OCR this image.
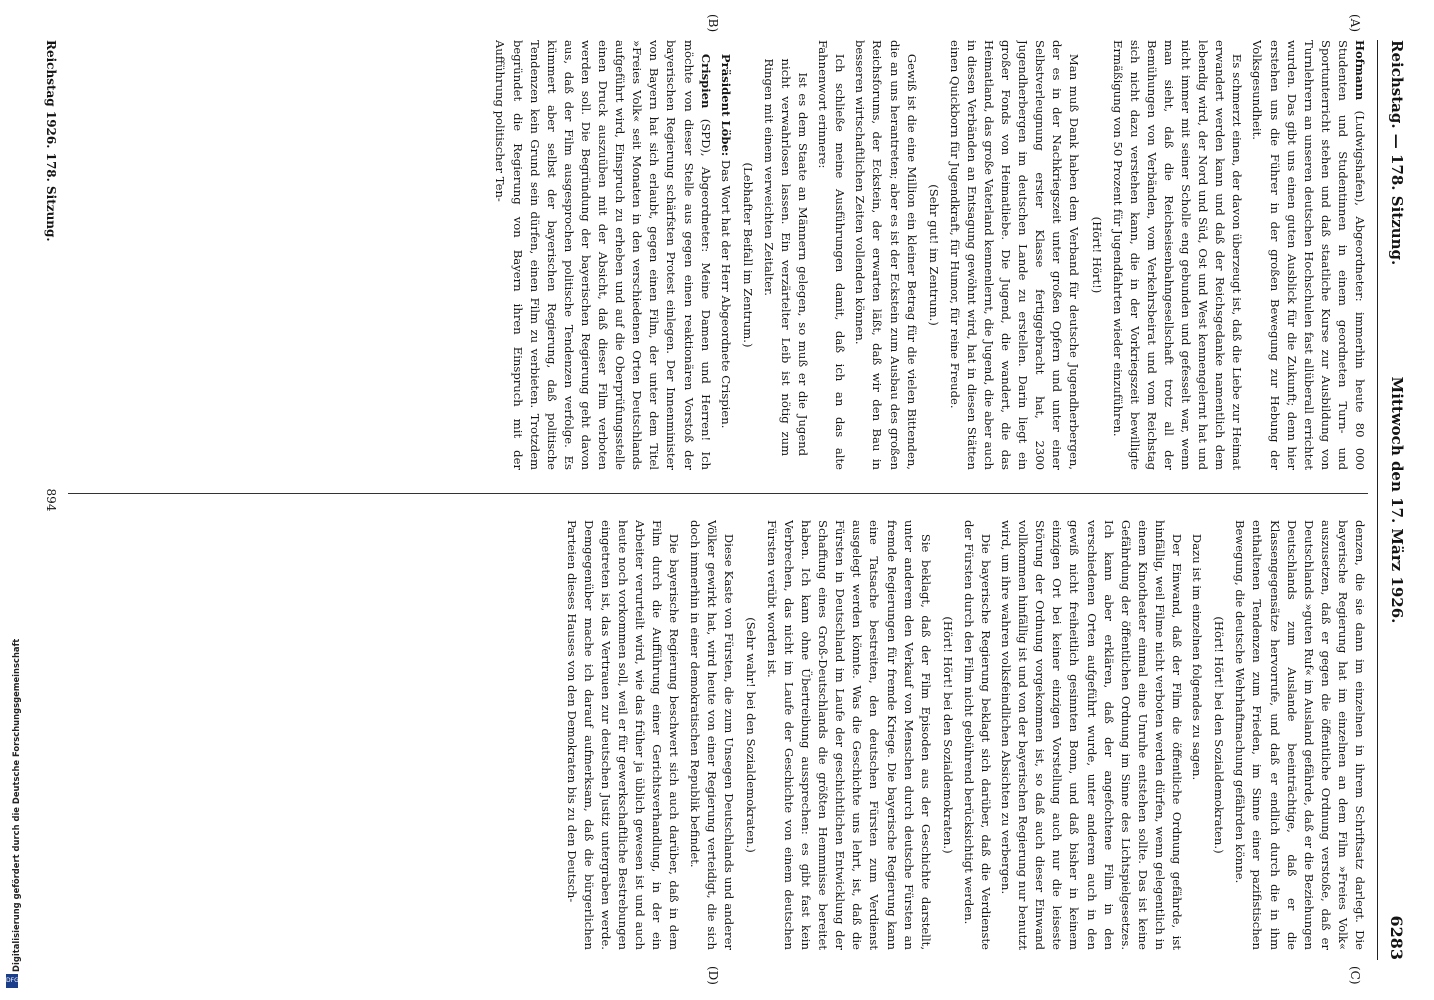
Reichstag. — 178. Sitzung.
Mittwoch den 17. März 1926.
6283
(A)
(B)
(C)
(D)

Hofmann (Ludwigshafen), Abgeordneter: immerhin heute 80 000 Studenten und Studentinnen in einem geordneten Turn- und Sportunterricht stehen und daß staatliche Kurse zur Ausbildung von Turnlehrern an unseren deutschen Hochschulen fast allüberall errichtet wurden. Das gibt uns einen guten Ausblick für die Zukunft; denn hier erstehen uns die Führer in der großen Bewegung zur Hebung der Volksgesundheit.

Es schmerzt einen, der davon überzeugt ist, daß die Liebe zur Heimat erwandert werden kann und daß der Reichsgedanke namentlich dem lebendig wird, der Nord und Süd, Ost und West kennengelernt hat und nicht immer mit seiner Scholle eng gebunden und gefesselt war, wenn man sieht, daß die Reichseisenbahngesellschaft trotz all der Bemühungen von Verbänden, vom Verkehrsbeirat und vom Reichstag sich nicht dazu verstehen kann, die in der Vorkriegszeit bewilligte Ermäßigung von 50 Prozent für Jugendfahrten wieder einzuführen.

(Hört! Hört!)

Man muß Dank haben dem Verband für deutsche Jugendherbergen, der es in der Nachkriegszeit unter großen Opfern und unter einer Selbstverleugnung erster Klasse fertiggebracht hat, 2300 Jugendherbergen im deutschen Lande zu erstellen. Darin liegt ein großer Fonds von Heimatliebe. Die Jugend, die wandert, die das Heimatland, das große Vaterland kennenlernt, die Jugend, die aber auch in diesen Verbänden an Entsagung gewöhnt wird, hat in diesen Stätten einen Quickborn für Jugendkraft, für Humor, für reine Freude.

(Sehr gut! im Zentrum.)

Gewiß ist die eine Million ein kleiner Betrag für die vielen Bittenden, die an uns herantreten; aber es ist der Eckstein zum Ausbau des großen Reichsforums, der Eckstein, der erwarten läßt, daß wir den Bau in besseren wirtschaftlichen Zeiten vollenden können.

Ich schließe meine Ausführungen damit, daß ich an das alte Fahnenwort erinnere:

Ist es dem Staate an Männern gelegen, so muß er die Jugend nicht verwahrlosen lassen. Ein verzärtelter Leib ist nötig zum Ringen mit einem verweichten Zeitalter.

(Lebhafter Beifall im Zentrum.)

Präsident Löbe: Das Wort hat der Herr Abgeordnete Crispien.

Crispien (SPD), Abgeordneter: Meine Damen und Herren! Ich möchte von dieser Stelle aus gegen einen reaktionären Vorstoß der bayerischen Regierung schärfsten Protest einlegen. Der Innenminister von Bayern hat sich erlaubt, gegen einen Film, der unter dem Titel »Freies Volk« seit Monaten in den verschiedenen Orten Deutschlands aufgeführt wird, Einspruch zu erheben und auf die Oberprüfungsstelle einen Druck auszuüben mit der Absicht, daß dieser Film verboten werden soll. Die Begründung der bayerischen Regierung geht davon aus, daß der Film ausgesprochen politische Tendenzen verfolge. Es kümmert aber selbst der bayerischen Regierung, daß politische Tendenzen kein Grund sein dürfen, einen Film zu verbieten. Trotzdem begründet die Regierung von Bayern ihren Einspruch mit der Aufführung politischer Ten-

denzen, die sie dann im einzelnen in ihrem Schriftsatz darlegt. Die bayerische Regierung hat im einzelnen an dem Film »Freies Volk« auszusetzen, daß er gegen die öffentliche Ordnung verstoße, daß er Deutschlands »guten Ruf« im Ausland gefährde, daß er die Beziehungen Deutschlands zum Auslande beeinträchtige, daß er die Klassengegensätze hervorrufe, und daß er endlich durch die in ihm enthaltenen Tendenzen zum Frieden, im Sinne einer pazifistischen Bewegung, die deutsche Wehrhaftmachung gefährden könne.

(Hört! Hört! bei den Sozialdemokraten.)

Dazu ist im einzelnen folgendes zu sagen.

Der Einwand, daß der Film die öffentliche Ordnung gefährde, ist hinfällig, weil Filme nicht verboten werden dürfen, wenn gelegentlich in einem Kinotheater einmal eine Unruhe entstehen sollte. Das ist keine Gefährdung der öffentlichen Ordnung im Sinne des Lichtspielgesetzes. Ich kann aber erklären, daß der angefochtene Film in den verschiedenen Orten aufgeführt wurde, unter anderem auch in den gewiß nicht freiheitlich gesinnten Bonn, und daß bisher in keinem einzigen Ort bei keiner einzigen Vorstellung auch nur die leiseste Störung der Ordnung vorgekommen ist, so daß auch dieser Einwand vollkommen hinfällig ist und von der bayerischen Regierung nur benutzt wird, um ihre wahren volksfeindlichen Absichten zu verbergen.

Die bayerische Regierung beklagt sich darüber, daß die Verdienste der Fürsten durch den Film nicht gebührend berücksichtigt werden.

(Hört! Hört! bei den Sozialdemokraten.)

Sie beklagt, daß der Film Episoden aus der Geschichte darstellt, unter anderem den Verkauf von Menschen durch deutsche Fürsten an fremde Regierungen für fremde Kriege. Die bayerische Regierung kann eine Tatsache bestreiten, den deutschen Fürsten zum Verdienst ausgelegt werden könnte. Was die Geschichte uns lehrt, ist, daß die Fürsten in Deutschland im Laufe der geschichtlichen Entwicklung der Schaffung eines Groß-Deutschlands die größten Hemmnisse bereitet haben. Ich kann ohne Übertreibung aussprechen: es gibt fast kein Verbrechen, das nicht im Laufe der Geschichte von einem deutschen Fürsten verübt worden ist.

(Sehr wahr! bei den Sozialdemokraten.)

Diese Kaste von Fürsten, die zum Unsegen Deutschlands und anderer Völker gewirkt hat, wird heute von einer Regierung verteidigt, die sich doch immerhin in einer demokratischen Republik befindet.

Die bayerische Regierung beschwert sich auch darüber, daß in dem Film durch die Aufführung einer Gerichtsverhandlung, in der ein Arbeiter verurteilt wird, wie das früher ja üblich gewesen ist und auch heute noch vorkommen soll, weil er für gewerkschaftliche Bestrebungen eingetreten ist, das Vertrauen zur deutschen Justiz untergraben werde. Demgegenüber mache ich darauf aufmerksam, daß die bürgerlichen Parteien dieses Hauses von den Demokraten bis zu den Deutsch-

Reichstag 1926. 178. Sitzung.
894
Digitalisierung gefördert durch die Deutsche Forschungsgemeinschaft
DFG
